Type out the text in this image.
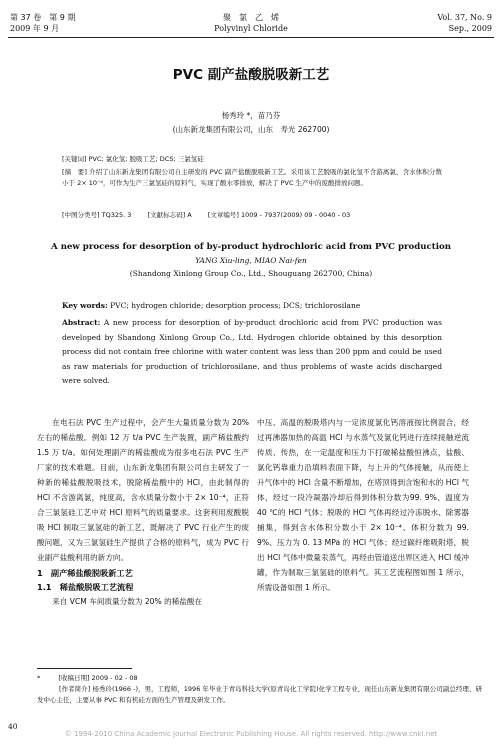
第 37 卷　第 9 期
2009 年 9 月
聚　氯　乙　烯
Polyvinyl Chloride
Vol. 37, No. 9
Sep., 2009
PVC 副产盐酸脱吸新工艺
杨秀玲 *，苗乃芬
(山东新龙集团有限公司，山东　寿光 262700)
[关键词] PVC; 氯化氢; 脱吸工艺; DCS; 三氯氢硅
[摘　要] 介绍了山东新龙集团有限公司自主研发的 PVC 副产盐酸脱吸新工艺。采用该工艺脱吸的氯化氢不含游离氯，含水体积分数小于 2× 10⁻⁴，可作为生产三氯氢硅的原料气，实现了酸水零排放，解决了 PVC 生产中的废酸排放问题。
[中图分类号] TQ325. 3 [文献标志码] A [文章编号] 1009 - 7937(2009) 09 - 0040 - 03
A new process for desorption of by-product hydrochloric acid from PVC production
YANG Xiu-ling, MIAO Nai-fen
(Shandong Xinlong Group Co., Ltd., Shouguang 262700, China)
Key words: PVC; hydrogen chloride; desorption process; DCS; trichlorosilane
Abstract: A new process for desorption of by-product drochloric acid from PVC production was developed by Shandong Xinlong Group Co., Ltd. Hydrogen chloride obtained by this desorption process did not contain free chlorine with water content was less than 200 ppm and could be used as raw materials for production of trichlorosilane, and thus problems of waste acids discharged were solved.

在电石法 PVC 生产过程中，会产生大量质量分数为 20% 左右的稀盐酸。例如 12 万 t/a PVC 生产装置，副产稀盐酸约 1.5 万 t/a。如何处理副产的稀盐酸成为很多电石法 PVC 生产厂家的技术难题。目前，山东新龙集团有限公司自主研发了一种新的稀盐酸脱吸技术，脱除稀盐酸中的 HCl，由此制得的 HCl 不含游离氯，纯度高，含水质量分数小于 2× 10⁻⁴，正符合三氯氢硅工艺中对 HCl 原料气的质量要求。这套利用废酸脱吸 HCl 制取三氯氢硅的新工艺，既解决了 PVC 行业产生的废酸问题，又为三氯氢硅生产提供了合格的原料气，成为 PVC 行业副产盐酸利用的新方向。

1　副产稀盐酸脱吸新工艺
1.1　稀盐酸脱吸工艺流程

来自 VCM 车间质量分数为 20% 的稀盐酸在

中压、高温的脱吸塔内与一定浓度氯化钙溶液按比例混合，经过再沸器加热的高温 HCl 与水蒸气及氯化钙进行连续接触逆流传质、传热，在一定温度和压力下打破稀盐酸恒沸点，盐酸、氯化钙靠重力沿填料表面下降，与上升的气体接触，从而使上升气体中的 HCl 含量不断增加，在塔顶得到含饱和水的 HCl 气体，经过一段冷凝器冷却后得到体积分数为99. 9%、温度为 40 ℃的 HCl 气体；脱吸的 HCl 气体再经过冷冻脱水、除雾器捕集，得到含水体积分数小于 2× 10⁻⁴、体积分数为 99. 9%、压力为 0. 13 MPa 的 HCl 气体；经过碳纤维吸附塔，脱出 HCl 气体中微量汞蒸气，再经由管道送出界区进入 HCl 缓冲罐，作为制取三氯氢硅的原料气。其工艺流程图如图 1 所示，所需设备如图 1 所示。

*	[收稿日期] 2009 - 02 - 08
[作者简介] 杨秀玲(1966 -)，男，工程师，1996 年毕业于青岛科技大学(原青岛化工学院)化学工程专业，现任山东新龙集团有限公司副总经理、研发中心主任，主要从事 PVC 和有机硅方面的生产管理及研发工作。
40
© 1994-2010 China Academic Journal Electronic Publishing House. All rights reserved. http://www.cnki.net
